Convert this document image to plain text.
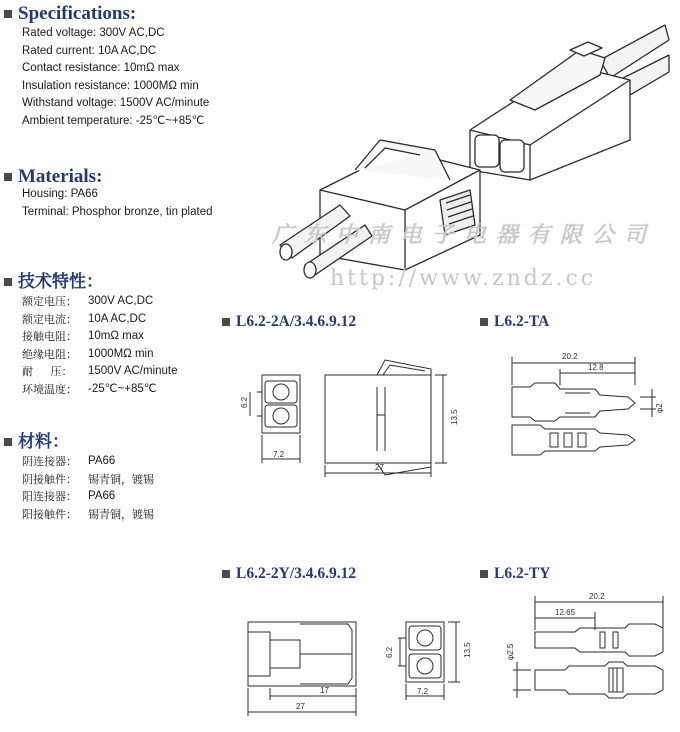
Specifications:
Rated voltage: 300V AC,DC
Rated current: 10A AC,DC
Contact resistance: 10mΩ max
Insulation resistance: 1000MΩ min
Withstand voltage: 1500V AC/minute
Ambient temperature: -25℃~+85℃
Materials:
Housing: PA66
Terminal: Phosphor bronze, tin plated
技术特性：
额定电压： 300V AC,DC
额定电流： 10A AC,DC
接触电阻： 10mΩ max
绝缘电阻： 1000MΩ min
耐     压：	1500V AC/minute
环境温度： -25℃~+85℃
材料：
阴连接器： PA66
阴接触件：	锡青铜，镀锡
阳连接器： PA66
阳接触件：	锡青铜，镀锡
广东中南电子电器有限公司
http://www.zndz.cc
L6.2-2A/3.4.6.9.12	L6.2-TA
L6.2-2Y/3.4.6.9.12	L6.2-TY
6.2
7.2
27
13.5
20.2
12.8
φ2
6.2
7.2
13.5
17
27
20.2
12.65
φ2.5
